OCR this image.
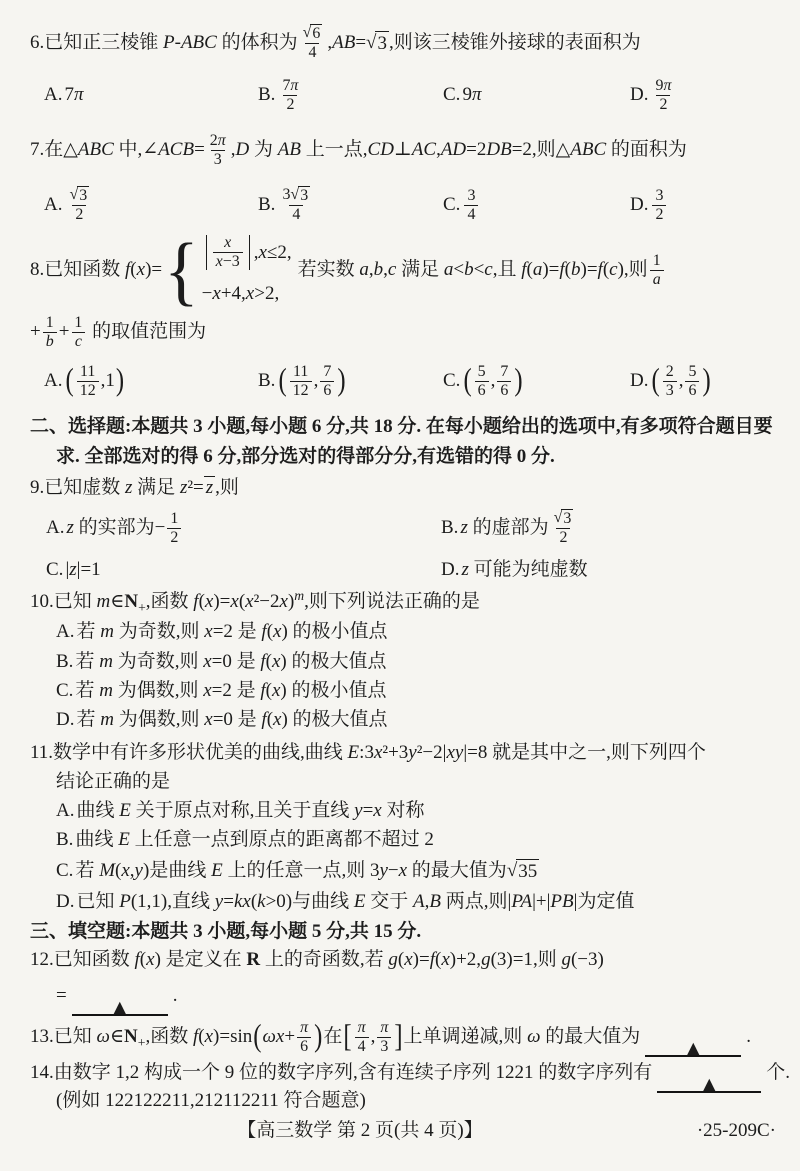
6.已知正三棱锥 P-ABC 的体积为 $\frac{√ 6}{4}$ , AB = √ 3 ,则该三棱锥外接球的表面积为
A. 7π	B. $\frac{7\pi}{2}$	C. 9π	D. $\frac{9\pi}{2}$
7.在△ ABC 中,∠ ACB = $\frac{2\pi}{3}$ , D 为 AB 上一点, CD ⊥ AC , AD =2 DB =2,则△ ABC 的面积为
A. $\frac{√ 3}{2}$	B. $\frac{3 √ 3}{4}$	C. $\frac{3}{4}$	D. $\frac{3}{2}$
8.已知函数 f(x)= { $\frac{x}{x-3} ,x\le 2$,
−x+4,x>2,
若实数 a,b,c 满足 a<b<c ,且 f(a)=f(b)=f(c) ,则 $\frac{1}{a}$
+ $\frac{1}{b} + \frac{1}{c}$ 的取值范围为
A. ( $\frac{11}{12} ,1$ )	B. ( $\frac{11}{12}$ , $\frac{7}{6}$ )	C. ( $\frac{5}{6}$ , $\frac{7}{6}$ )	D. ( $\frac{2}{3}$ , $\frac{5}{6}$ )
二、选择题:本题共 3 小题,每小题 6 分,共 18 分. 在每小题给出的选项中,有多项符合题目要
求. 全部选对的得 6 分,部分选对的得部分分,有选错的得 0 分.
9.已知虚数 z 满足 z²= z ,则
A. z 的实部为− $\frac{1}{2}$	B. z 的虚部为 $\frac{√ 3}{2}$
C. |z|=1	D. z 可能为纯虚数
10.已知 m ∈ N + ,函数 f(x)=x(x²−2x) m ,则下列说法正确的是
A. 若 m 为奇数,则 x =2 是 f(x) 的极小值点
B. 若 m 为奇数,则 x =0 是 f(x) 的极大值点
C. 若 m 为偶数,则 x =2 是 f(x) 的极小值点
D. 若 m 为偶数,则 x =0 是 f(x) 的极大值点
11.数学中有许多形状优美的曲线,曲线 E : 3x²+3y²−2|xy|=8 就是其中之一,则下列四个
结论正确的是
A. 曲线 E 关于原点对称,且关于直线 y=x 对称
B. 曲线 E 上任意一点到原点的距离都不超过 2
C. 若 M(x,y) 是曲线 E 上的任意一点,则 3y−x 的最大值为 √ 35
D. 已知 P(1,1) ,直线 y=kx(k>0) 与曲线 E 交于 A,B 两点,则 |PA|+|PB| 为定值
三、填空题:本题共 3 小题,每小题 5 分,共 15 分.
12.已知函数 f(x) 是定义在 R 上的奇函数,若 g(x)=f(x)+2,g(3)=1 ,则 g(−3)
=
▲
.
13.已知 ω ∈ N + ,函数 f(x)= sin ( $\omega x + \frac{\pi}{6}$ ) 在 [ $\frac{\pi}{4}$ , $\frac{\pi}{3}$ ] 上单调递减,则 ω 的最大值为
▲
.
14.由数字 1,2 构成一个 9 位的数字序列,含有连续子序列 1221 的数字序列有
▲
个.
(例如 122122211,212112211 符合题意)
【高三数学 第 2 页(共 4 页)】	·25-209C·
